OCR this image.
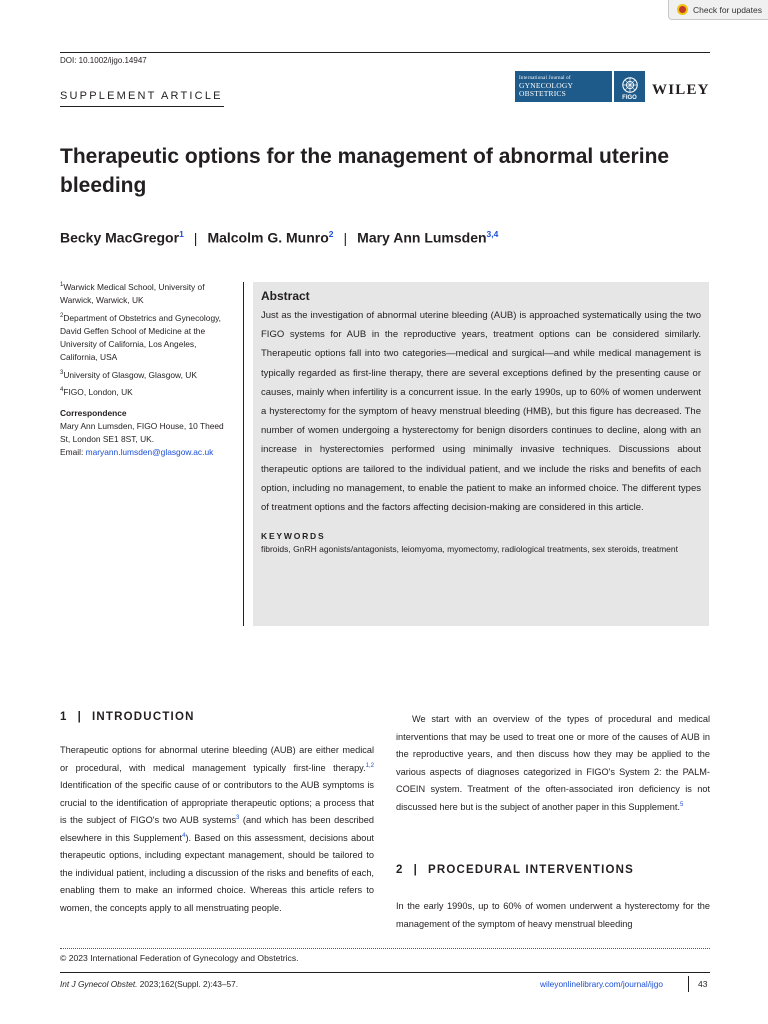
Check for updates
DOI: 10.1002/ijgo.14947
SUPPLEMENT ARTICLE
International Journal of
GYNECOLOGY
OBSTETRICS
FIGO WILEY
Therapeutic options for the management of abnormal uterine bleeding
Becky MacGregor$^1$ | Malcolm G. Munro$^2$ | Mary Ann Lumsden$^{3,4}$

$^1$Warwick Medical School, University of Warwick, Warwick, UK

$^2$Department of Obstetrics and Gynecology, David Geffen School of Medicine at the University of California, Los Angeles, California, USA

$^3$University of Glasgow, Glasgow, UK

$^4$FIGO, London, UK

Correspondence

Mary Ann Lumsden, FIGO House, 10 Theed St, London SE1 8ST, UK.

Email: maryann.lumsden@glasgow.ac.uk

Abstract

Just as the investigation of abnormal uterine bleeding (AUB) is approached systematically using the two FIGO systems for AUB in the reproductive years, treatment options can be considered similarly. Therapeutic options fall into two categories—medical and surgical—and while medical management is typically regarded as first-line therapy, there are several exceptions defined by the presenting cause or causes, mainly when infertility is a concurrent issue. In the early 1990s, up to 60% of women underwent a hysterectomy for the symptom of heavy menstrual bleeding (HMB), but this figure has decreased. The number of women undergoing a hysterectomy for benign disorders continues to decline, along with an increase in hysterectomies performed using minimally invasive techniques. Discussions about therapeutic options are tailored to the individual patient, and we include the risks and benefits of each option, including no management, to enable the patient to make an informed choice. The different types of treatment options and the factors affecting decision-making are considered in this article.

KEYWORDS

fibroids, GnRH agonists/antagonists, leiomyoma, myomectomy, radiological treatments, sex steroids, treatment

1 | INTRODUCTION

Therapeutic options for abnormal uterine bleeding (AUB) are either medical or procedural, with medical management typically first-line therapy.$^{1,2}$ Identification of the specific cause of or contributors to the AUB symptoms is crucial to the identification of appropriate therapeutic options; a process that is the subject of FIGO's two AUB systems$^3$ (and which has been described elsewhere in this Supplement$^4$). Based on this assessment, decisions about therapeutic options, including expectant management, should be tailored to the individual patient, including a discussion of the risks and benefits of each, enabling them to make an informed choice. Whereas this article refers to women, the concepts apply to all menstruating people.

We start with an overview of the types of procedural and medical interventions that may be used to treat one or more of the causes of AUB in the reproductive years, and then discuss how they may be applied to the various aspects of diagnoses categorized in FIGO's System 2: the PALM-COEIN system. Treatment of the often-associated iron deficiency is not discussed here but is the subject of another paper in this Supplement.$^5$

2 | PROCEDURAL INTERVENTIONS

In the early 1990s, up to 60% of women underwent a hysterectomy for the management of the symptom of heavy menstrual bleeding

© 2023 International Federation of Gynecology and Obstetrics.
Int J Gynecol Obstet. 2023;162(Suppl. 2):43–57.	wileyonlinelibrary.com/journal/ijgo	43
